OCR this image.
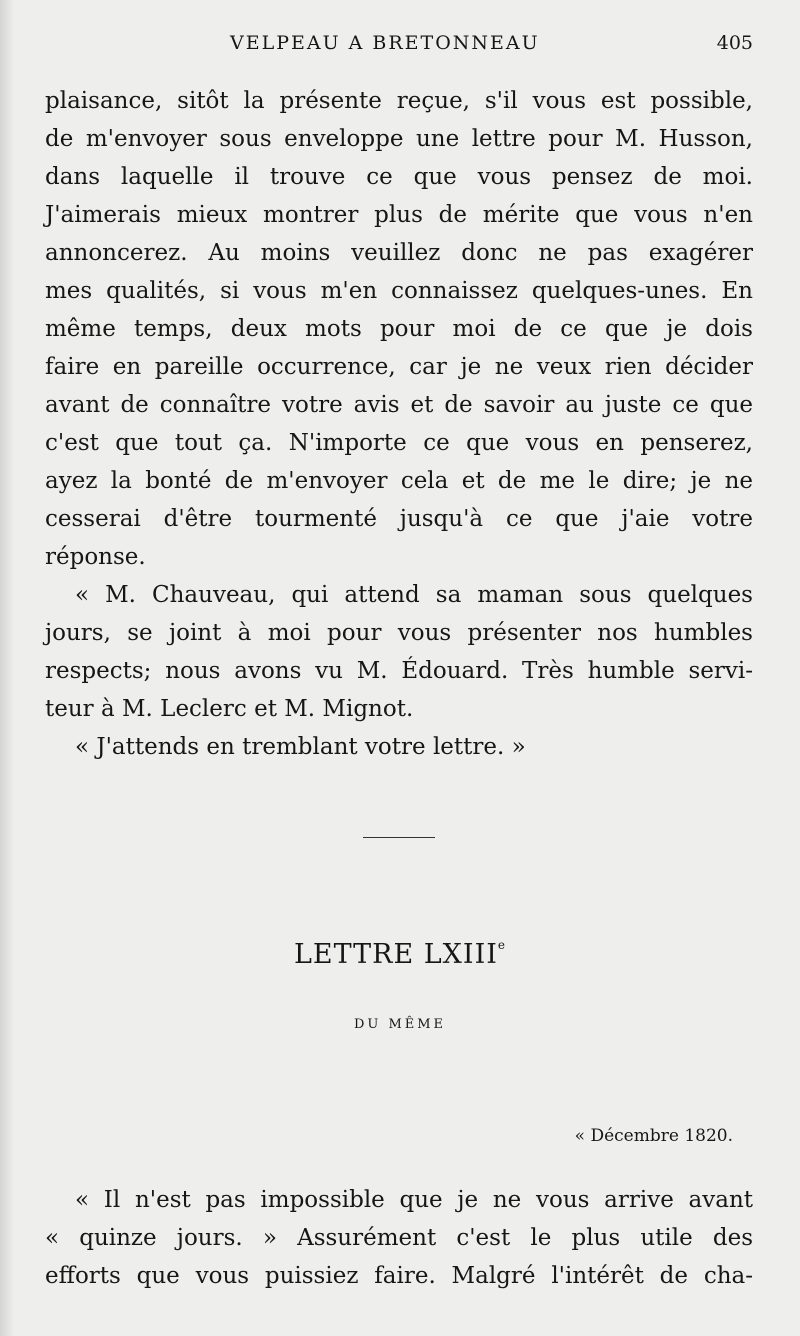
VELPEAU A BRETONNEAU	405
plaisance, sitôt la présente reçue, s'il vous est possible,
de m'envoyer sous enveloppe une lettre pour M. Husson,
dans laquelle il trouve ce que vous pensez de moi.
J'aimerais mieux montrer plus de mérite que vous n'en
annoncerez. Au moins veuillez donc ne pas exagérer
mes qualités, si vous m'en connaissez quelques-unes. En
même temps, deux mots pour moi de ce que je dois
faire en pareille occurrence, car je ne veux rien décider
avant de connaître votre avis et de savoir au juste ce que
c'est que tout ça. N'importe ce que vous en penserez,
ayez la bonté de m'envoyer cela et de me le dire; je ne
cesserai d'être tourmenté jusqu'à ce que j'aie votre
réponse.
« M. Chauveau, qui attend sa maman sous quelques
jours, se joint à moi pour vous présenter nos humbles
respects; nous avons vu M. Édouard. Très humble servi-
teur à M. Leclerc et M. Mignot.
« J'attends en tremblant votre lettre. »
LETTRE LXIIIe
DU MÊME
« Décembre 1820.
« Il n'est pas impossible que je ne vous arrive avant
« quinze jours. » Assurément c'est le plus utile des
efforts que vous puissiez faire. Malgré l'intérêt de cha-
